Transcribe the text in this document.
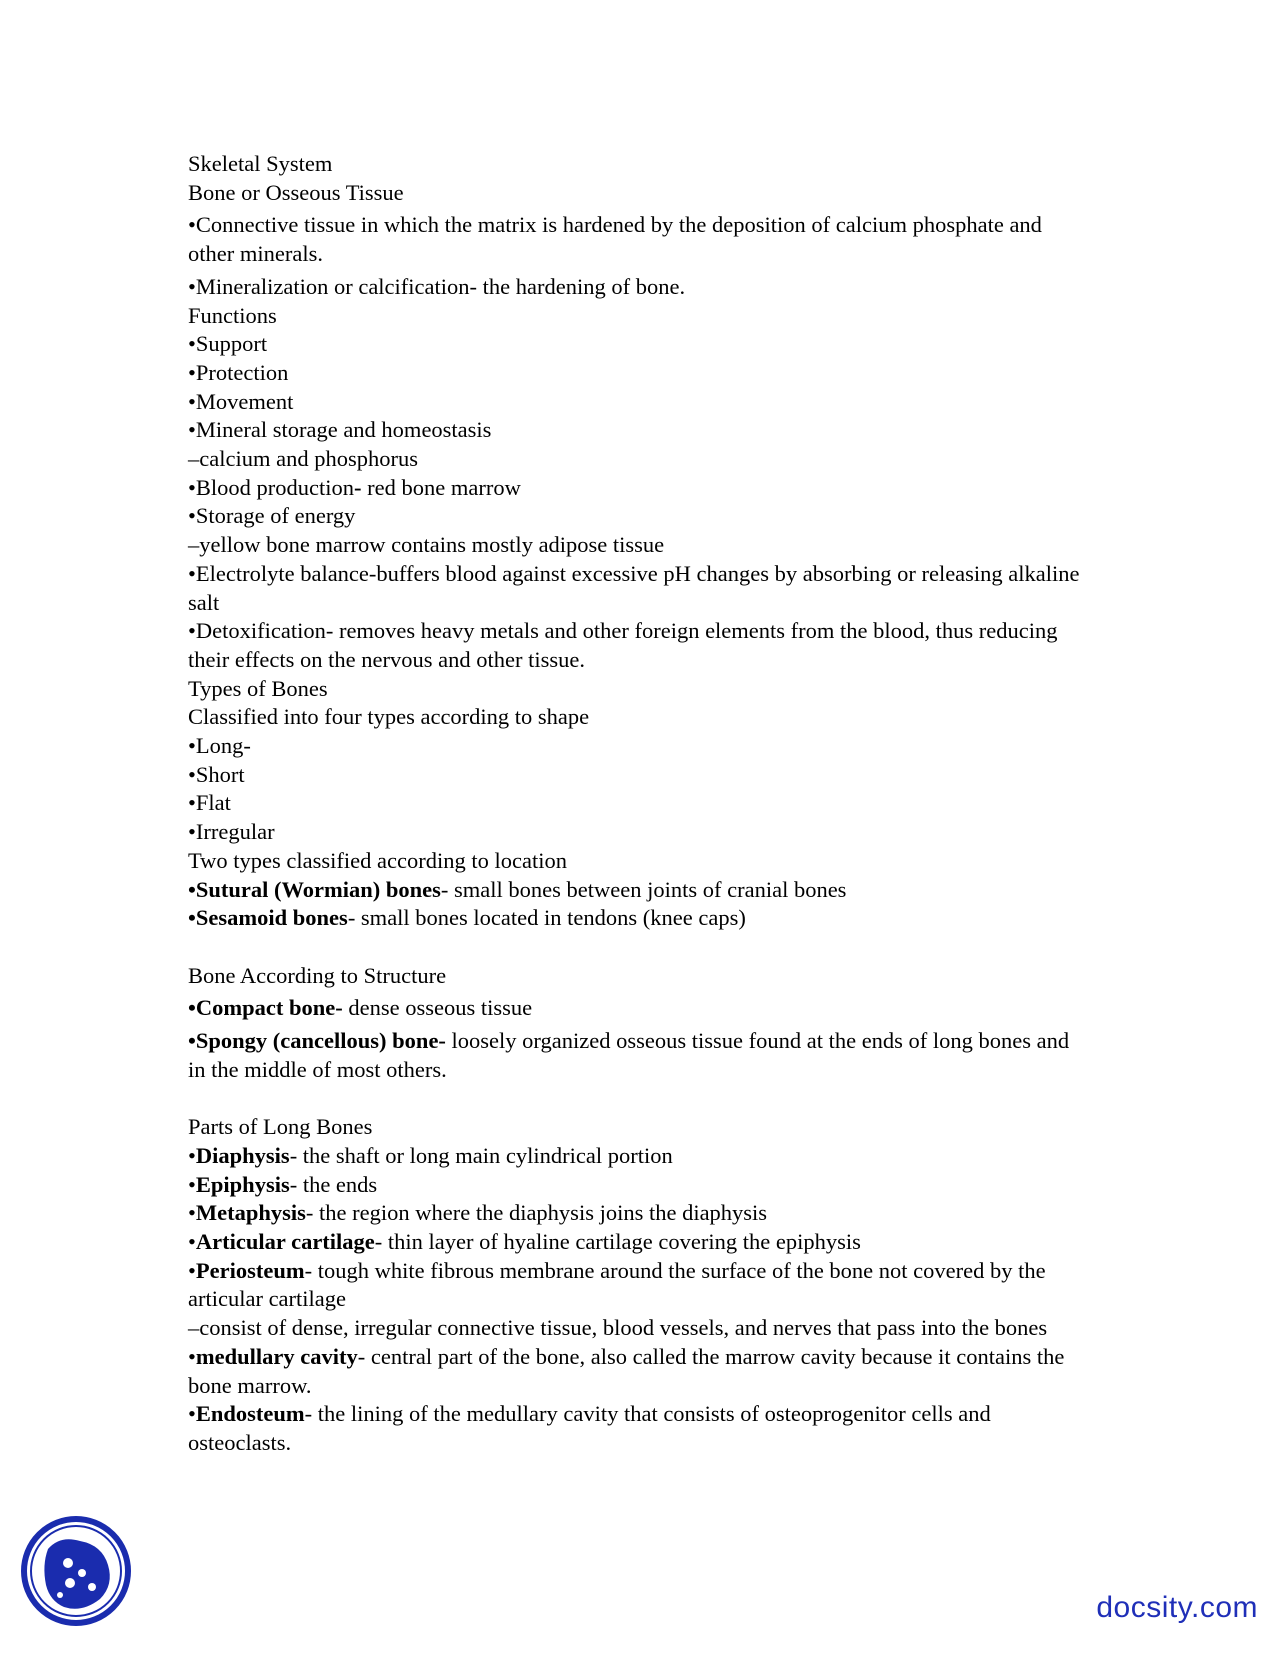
Skeletal System
Bone or Osseous Tissue
•Connective tissue in which the matrix is hardened by the deposition of calcium phosphate and other minerals.
•Mineralization or calcification- the hardening of bone.
Functions
•Support
•Protection
•Movement
•Mineral storage and homeostasis
–calcium and phosphorus
•Blood production- red bone marrow
•Storage of energy
–yellow bone marrow contains mostly adipose tissue
•Electrolyte balance-buffers blood against excessive pH changes by absorbing or releasing alkaline salt
•Detoxification- removes heavy metals and other foreign elements from the blood, thus reducing their effects on the nervous and other tissue.
Types of Bones
Classified into four types according to shape
•Long-
•Short
•Flat
•Irregular
Two types classified according to location
•Sutural (Wormian) bones- small bones between joints of cranial bones
•Sesamoid bones- small bones located in tendons (knee caps)
Bone According to Structure
•Compact bone- dense osseous tissue
•Spongy (cancellous) bone- loosely organized osseous tissue found at the ends of long bones and in the middle of most others.
Parts of Long Bones
•Diaphysis- the shaft or long main cylindrical portion
•Epiphysis- the ends
•Metaphysis- the region where the diaphysis joins the diaphysis
•Articular cartilage- thin layer of hyaline cartilage covering the epiphysis
•Periosteum- tough white fibrous membrane around the surface of the bone not covered by the articular cartilage
–consist of dense, irregular connective tissue, blood vessels, and nerves that pass into the bones
•medullary cavity- central part of the bone, also called the marrow cavity because it contains the bone marrow.
•Endosteum- the lining of the medullary cavity that consists of osteoprogenitor cells and osteoclasts.
docsity.com
